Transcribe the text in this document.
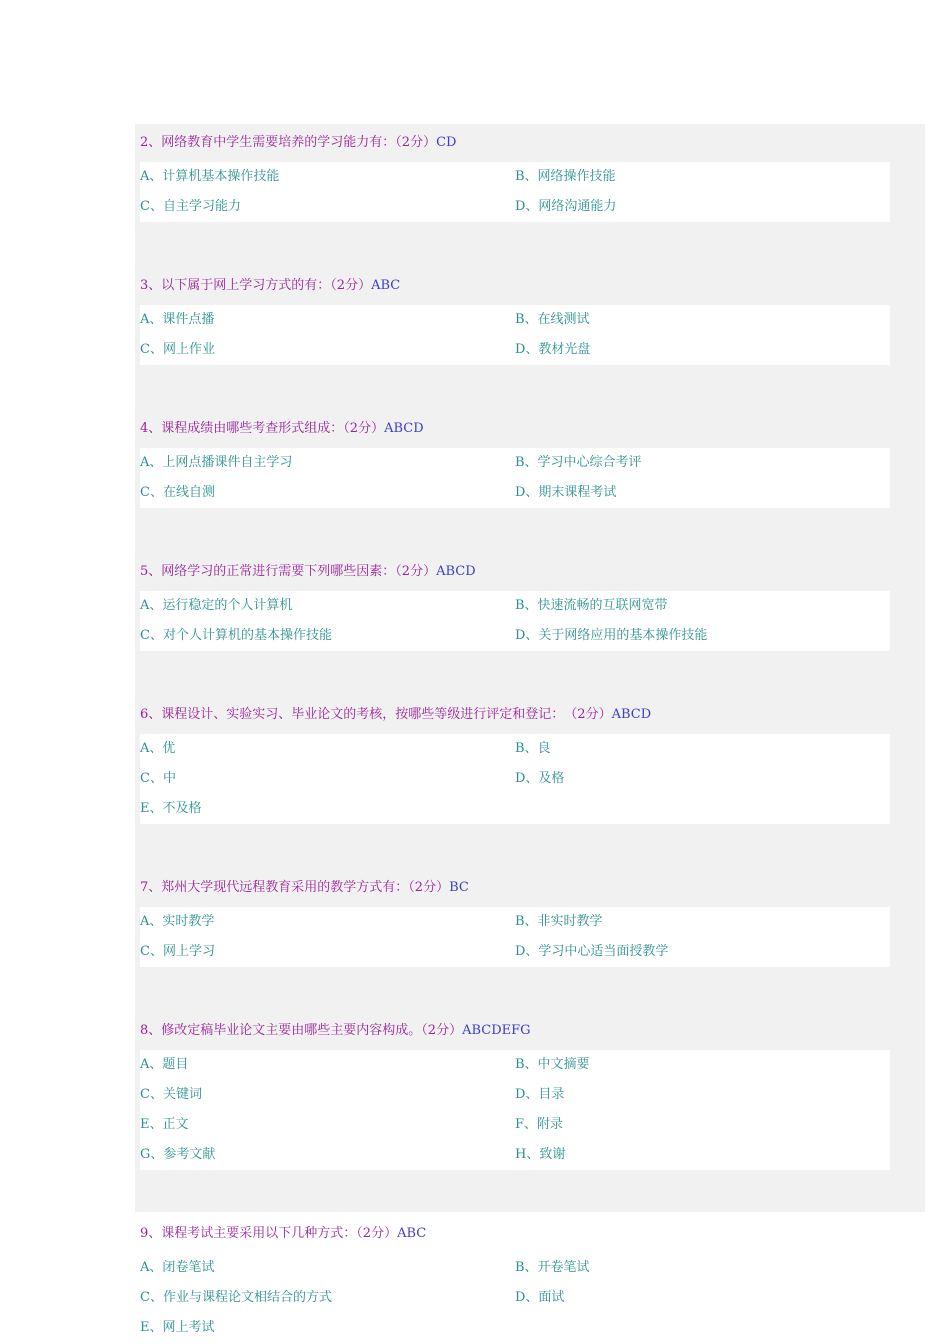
2、网络教育中学生需要培养的学习能力有：（2分）CD
A、计算机基本操作技能	B、网络操作技能
C、自主学习能力	D、网络沟通能力
3、以下属于网上学习方式的有：（2分）ABC
A、课件点播	B、在线测试
C、网上作业	D、教材光盘
4、课程成绩由哪些考查形式组成：（2分）ABCD
A、上网点播课件自主学习	B、学习中心综合考评
C、在线自测	D、期末课程考试
5、网络学习的正常进行需要下列哪些因素：（2分）ABCD
A、运行稳定的个人计算机	B、快速流畅的互联网宽带
C、对个人计算机的基本操作技能	D、关于网络应用的基本操作技能
6、课程设计、实验实习、毕业论文的考核，按哪些等级进行评定和登记：　（2分）ABCD
A、优	B、良
C、中	D、及格
E、不及格
7、郑州大学现代远程教育采用的教学方式有：（2分）BC
A、实时教学	B、非实时教学
C、网上学习	D、学习中心适当面授教学
8、修改定稿毕业论文主要由哪些主要内容构成。（2分）ABCDEFG
A、题目	B、中文摘要
C、关键词	D、目录
E、正文	F、附录
G、参考文献	H、致谢
9、课程考试主要采用以下几种方式：（2分）ABC
A、闭卷笔试	B、开卷笔试
C、作业与课程论文相结合的方式	D、面试
E、网上考试
